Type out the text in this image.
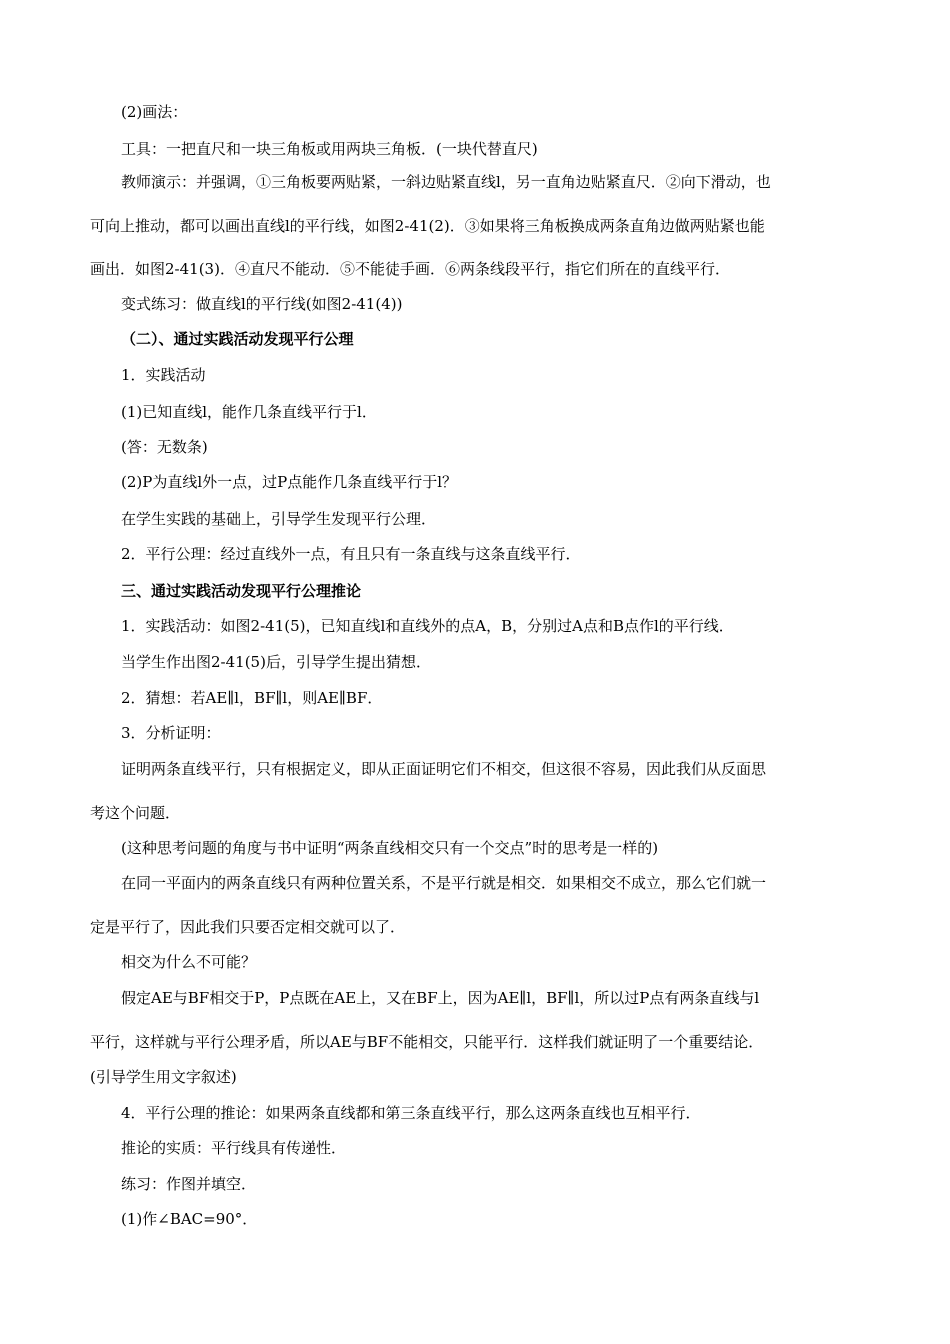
(2)画法：
工具：一把直尺和一块三角板或用两块三角板．(一块代替直尺)
教师演示：并强调，①三角板要两贴紧，一斜边贴紧直线l，另一直角边贴紧直尺．②向下滑动，也
可向上推动，都可以画出直线l的平行线，如图2-41(2)．③如果将三角板换成两条直角边做两贴紧也能
画出．如图2-41(3)．④直尺不能动．⑤不能徒手画．⑥两条线段平行，指它们所在的直线平行．
变式练习：做直线l的平行线(如图2-41(4))
（二）、通过实践活动发现平行公理
1．实践活动
(1)已知直线l，能作几条直线平行于l．
(答：无数条)
(2)P为直线l外一点，过P点能作几条直线平行于l？
在学生实践的基础上，引导学生发现平行公理．
2．平行公理：经过直线外一点，有且只有一条直线与这条直线平行．
三、通过实践活动发现平行公理推论
1．实践活动：如图2-41(5)，已知直线l和直线外的点A，B，分别过A点和B点作l的平行线．
当学生作出图2-41(5)后，引导学生提出猜想．
2．猜想：若AE∥l，BF∥l，则AE∥BF．
3．分析证明：
证明两条直线平行，只有根据定义，即从正面证明它们不相交，但这很不容易，因此我们从反面思
考这个问题．
(这种思考问题的角度与书中证明“两条直线相交只有一个交点”时的思考是一样的)
在同一平面内的两条直线只有两种位置关系，不是平行就是相交．如果相交不成立，那么它们就一
定是平行了，因此我们只要否定相交就可以了．
相交为什么不可能？
假定AE与BF相交于P，P点既在AE上，又在BF上，因为AE∥l，BF∥l，所以过P点有两条直线与l
平行，这样就与平行公理矛盾，所以AE与BF不能相交，只能平行．这样我们就证明了一个重要结论．
(引导学生用文字叙述)
4．平行公理的推论：如果两条直线都和第三条直线平行，那么这两条直线也互相平行．
推论的实质：平行线具有传递性．
练习：作图并填空．
(1)作∠BAC=90°．
